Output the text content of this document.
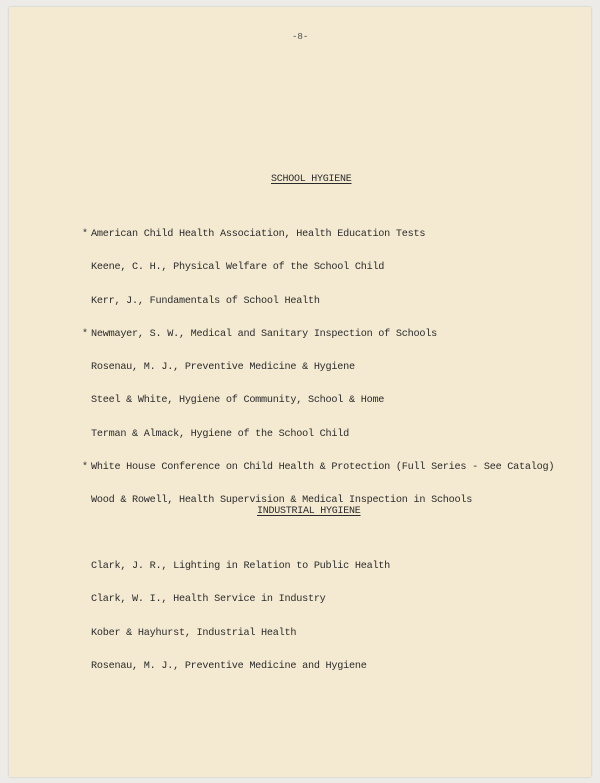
-8-
SCHOOL HYGIENE

* American Child Health Association, Health Education Tests

Keene, C. H., Physical Welfare of the School Child

Kerr, J., Fundamentals of School Health

* Newmayer, S. W., Medical and Sanitary Inspection of Schools

Rosenau, M. J., Preventive Medicine & Hygiene

Steel & White, Hygiene of Community, School & Home

Terman & Almack, Hygiene of the School Child

* White House Conference on Child Health & Protection (Full Series - See Catalog)

Wood & Rowell, Health Supervision & Medical Inspection in Schools

INDUSTRIAL HYGIENE

Clark, J. R., Lighting in Relation to Public Health

Clark, W. I., Health Service in Industry

Kober & Hayhurst, Industrial Health

Rosenau, M. J., Preventive Medicine and Hygiene
